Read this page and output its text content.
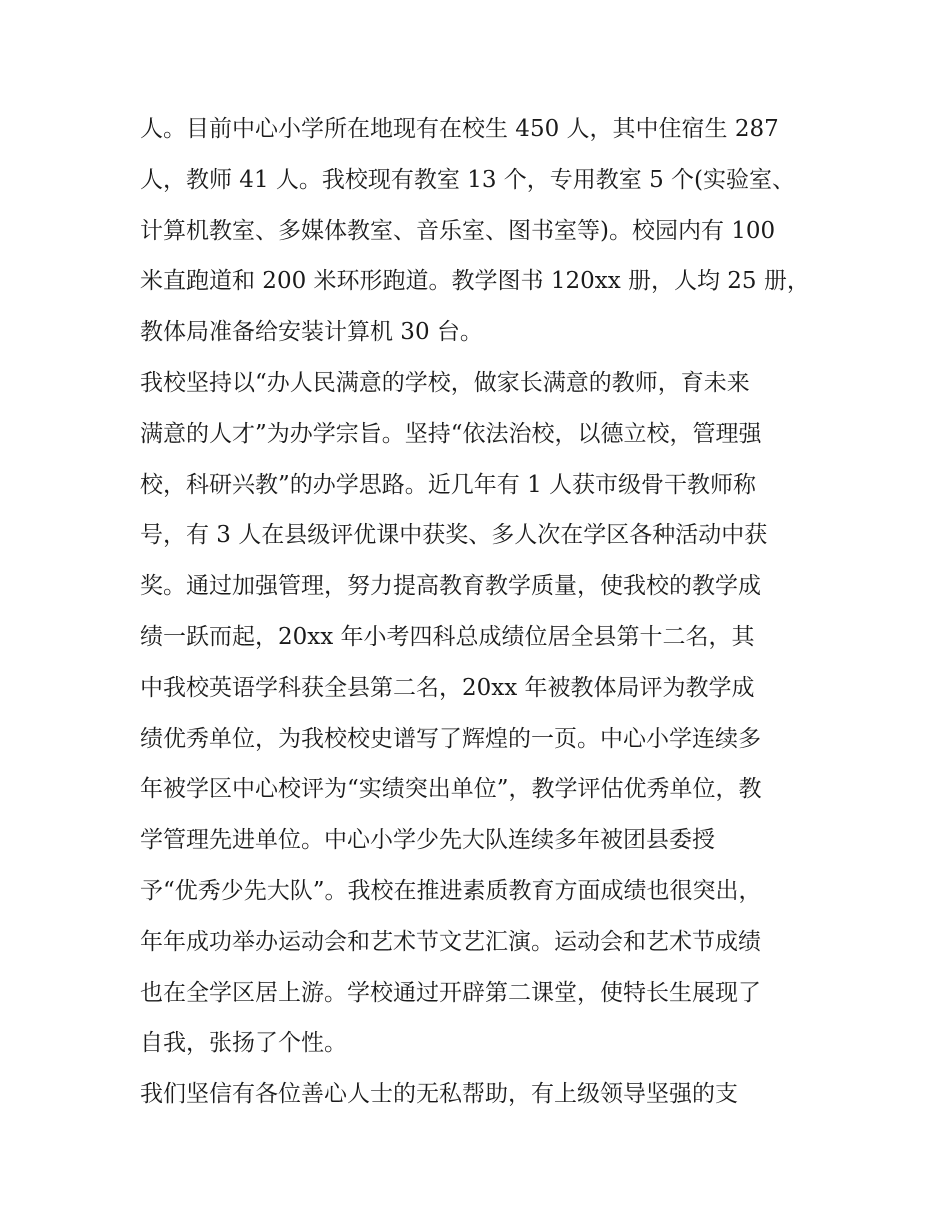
人。目前中心小学所在地现有在校生 450 人，其中住宿生 287
人，教师 41 人。我校现有教室 13 个，专用教室 5 个(实验室、
计算机教室、多媒体教室、音乐室、图书室等)。校园内有 100
米直跑道和 200 米环形跑道。教学图书 120xx 册，人均 25 册，
教体局准备给安装计算机 30 台。
我校坚持以“办人民满意的学校，做家长满意的教师，育未来
满意的人才”为办学宗旨。坚持“依法治校，以德立校，管理强
校，科研兴教”的办学思路。近几年有 1 人获市级骨干教师称
号，有 3 人在县级评优课中获奖、多人次在学区各种活动中获
奖。通过加强管理，努力提高教育教学质量，使我校的教学成
绩一跃而起，20xx 年小考四科总成绩位居全县第十二名，其
中我校英语学科获全县第二名，20xx 年被教体局评为教学成
绩优秀单位，为我校校史谱写了辉煌的一页。中心小学连续多
年被学区中心校评为“实绩突出单位”，教学评估优秀单位，教
学管理先进单位。中心小学少先大队连续多年被团县委授
予“优秀少先大队”。我校在推进素质教育方面成绩也很突出，
年年成功举办运动会和艺术节文艺汇演。运动会和艺术节成绩
也在全学区居上游。学校通过开辟第二课堂，使特长生展现了
自我，张扬了个性。
我们坚信有各位善心人士的无私帮助，有上级领导坚强的支
